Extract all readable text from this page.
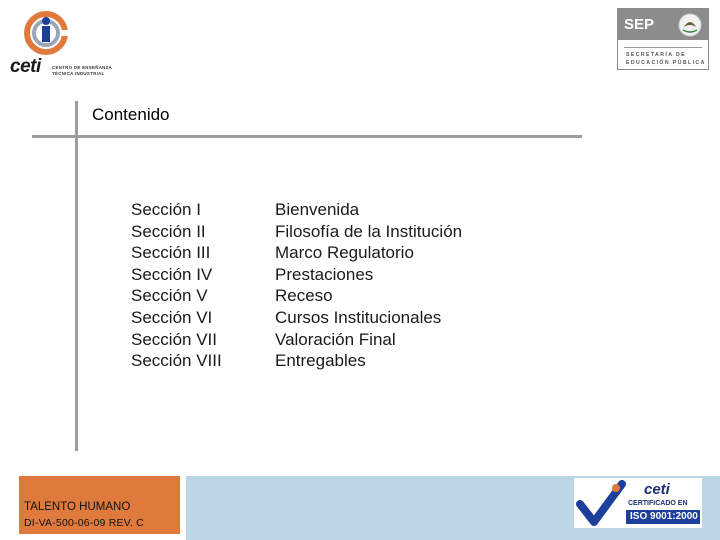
ceti	CENTRO DE ENSEÑANZA
TÉCNICA INDUSTRIAL
SEP
SECRETARÍA DE
EDUCACIÓN PÚBLICA
Contenido
Sección I
Sección II
Sección III
Sección IV
Sección V
Sección VI
Sección VII
Sección VIII
Bienvenida
Filosofía de la Institución
Marco Regulatorio
Prestaciones
Receso
Cursos Institucionales
Valoración Final
Entregables
TALENTO HUMANO
DI-VA-500-06-09 REV. C
ceti
CERTIFICADO EN
ISO 9001:2000
